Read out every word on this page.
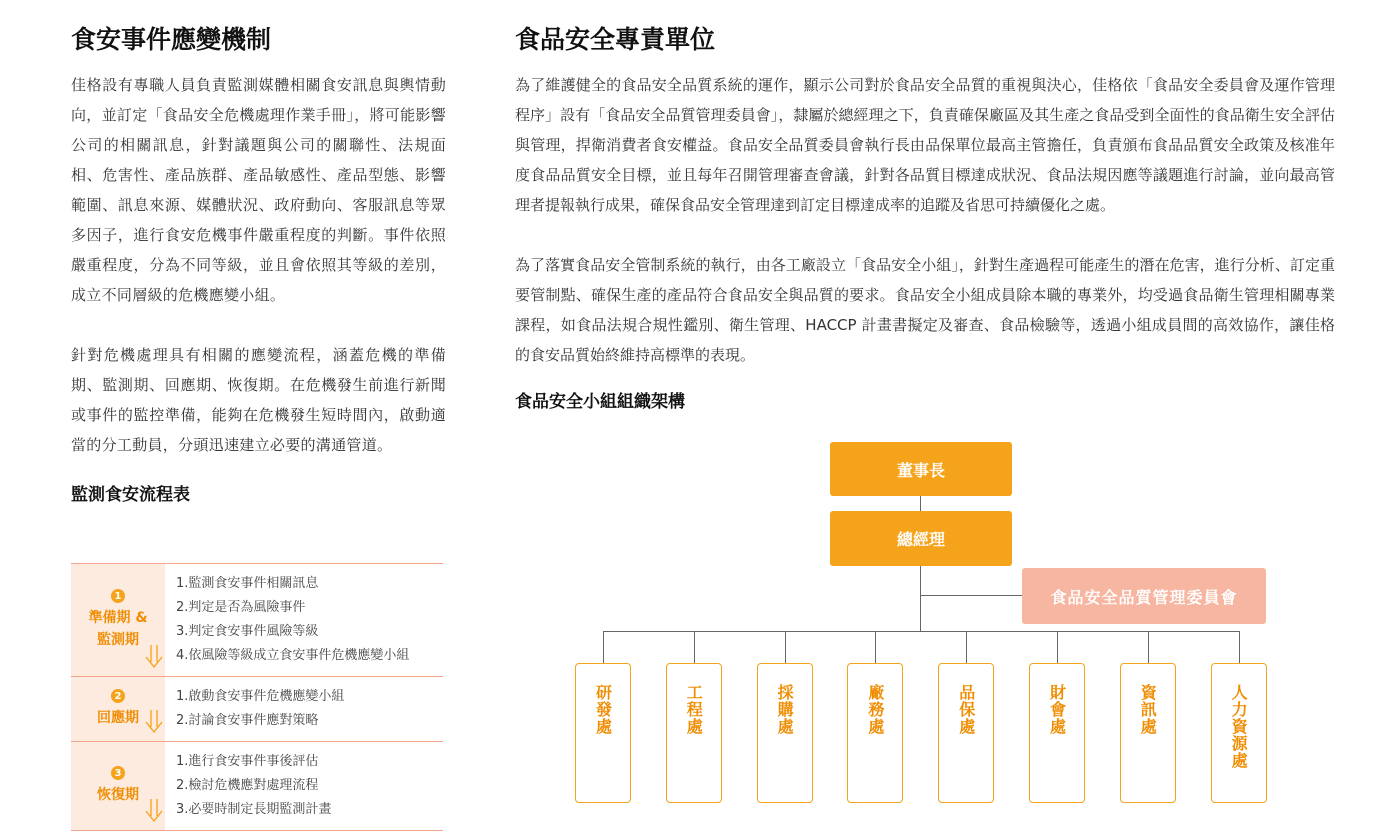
食安事件應變機制

佳格設有專職人員負責監測媒體相關食安訊息與輿情動向，並訂定「食品安全危機處理作業手冊」，將可能影響公司的相關訊息，針對議題與公司的關聯性、法規面相、危害性、產品族群、產品敏感性、產品型態、影響範圍、訊息來源、媒體狀況、政府動向、客服訊息等眾多因子，進行食安危機事件嚴重程度的判斷。事件依照嚴重程度，分為不同等級，並且會依照其等級的差別，成立不同層級的危機應變小組。

針對危機處理具有相關的應變流程，涵蓋危機的準備期、監測期、回應期、恢復期。在危機發生前進行新聞或事件的監控準備，能夠在危機發生短時間內，啟動適當的分工動員，分頭迅速建立必要的溝通管道。

監測食安流程表

1
準備期 & 監測期
1.監測食安事件相關訊息
2.判定是否為風險事件
3.判定食安事件風險等級
4.依風險等級成立食安事件危機應變小組
2
回應期
1.啟動食安事件危機應變小組
2.討論食安事件應對策略
3
恢復期
1.進行食安事件事後評估
2.檢討危機應對處理流程
3.必要時制定長期監測計畫
食品安全專責單位

為了維護健全的食品安全品質系統的運作，顯示公司對於食品安全品質的重視與決心，佳格依「食品安全委員會及運作管理程序」設有「食品安全品質管理委員會」，隸屬於總經理之下，負責確保廠區及其生產之食品受到全面性的食品衛生安全評估與管理，捍衛消費者食安權益。食品安全品質委員會執行長由品保單位最高主管擔任，負責頒布食品品質安全政策及核准年度食品品質安全目標，並且每年召開管理審查會議，針對各品質目標達成狀況、食品法規因應等議題進行討論，並向最高管理者提報執行成果，確保食品安全管理達到訂定目標達成率的追蹤及省思可持續優化之處。

為了落實食品安全管制系統的執行，由各工廠設立「食品安全小組」，針對生產過程可能產生的潛在危害，進行分析、訂定重要管制點、確保生產的產品符合食品安全與品質的要求。食品安全小組成員除本職的專業外，均受過食品衛生管理相關專業課程，如食品法規合規性鑑別、衛生管理、HACCP 計畫書擬定及審查、食品檢驗等，透過小組成員間的高效協作，讓佳格的食安品質始終維持高標準的表現。

食品安全小組組織架構

董事長
總經理
食品安全品質管理委員會
研發處	工程處	採購處	廠務處	品保處	財會處	資訊處	人力資源處
